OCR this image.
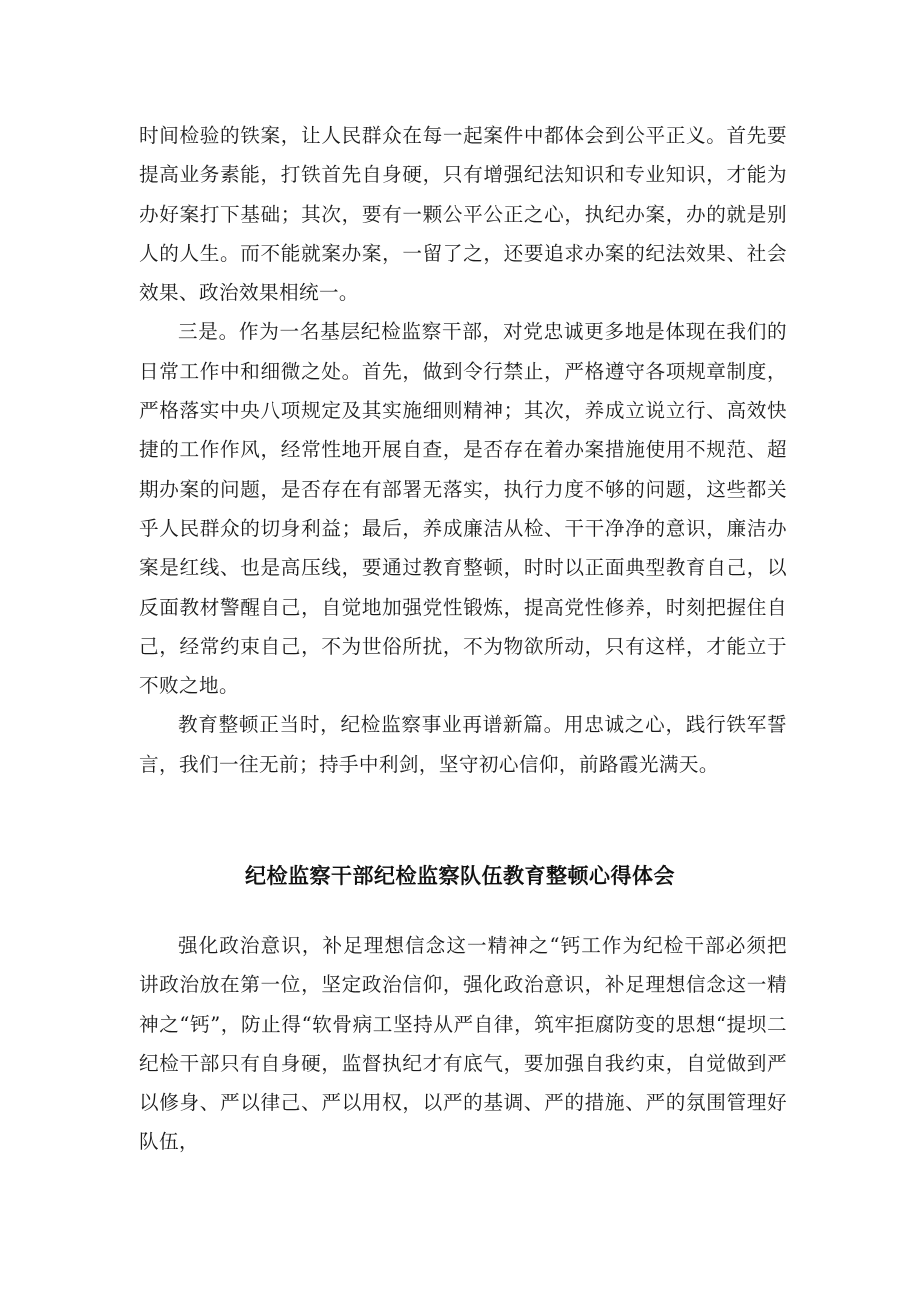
时间检验的铁案，让人民群众在每一起案件中都体会到公平正义。首先要提高业务素能，打铁首先自身硬，只有增强纪法知识和专业知识，才能为办好案打下基础；其次，要有一颗公平公正之心，执纪办案，办的就是别人的人生。而不能就案办案，一留了之，还要追求办案的纪法效果、社会效果、政治效果相统一。

三是。作为一名基层纪检监察干部，对党忠诚更多地是体现在我们的日常工作中和细微之处。首先，做到令行禁止，严格遵守各项规章制度，严格落实中央八项规定及其实施细则精神；其次，养成立说立行、高效快捷的工作作风，经常性地开展自查，是否存在着办案措施使用不规范、超期办案的问题，是否存在有部署无落实，执行力度不够的问题，这些都关乎人民群众的切身利益；最后，养成廉洁从检、干干净净的意识，廉洁办案是红线、也是高压线，要通过教育整顿，时时以正面典型教育自己，以反面教材警醒自己，自觉地加强党性锻炼，提高党性修养，时刻把握住自己，经常约束自己，不为世俗所扰，不为物欲所动，只有这样，才能立于不败之地。

教育整顿正当时，纪检监察事业再谱新篇。用忠诚之心，践行铁军誓言，我们一往无前；持手中利剑，坚守初心信仰，前路霞光满天。

纪检监察干部纪检监察队伍教育整顿心得体会

强化政治意识，补足理想信念这一精神之“钙工作为纪检干部必须把讲政治放在第一位，坚定政治信仰，强化政治意识，补足理想信念这一精神之“钙”，防止得“软骨病工坚持从严自律，筑牢拒腐防变的思想“提坝二纪检干部只有自身硬，监督执纪才有底气，要加强自我约束，自觉做到严以修身、严以律己、严以用权，以严的基调、严的措施、严的氛围管理好队伍，
